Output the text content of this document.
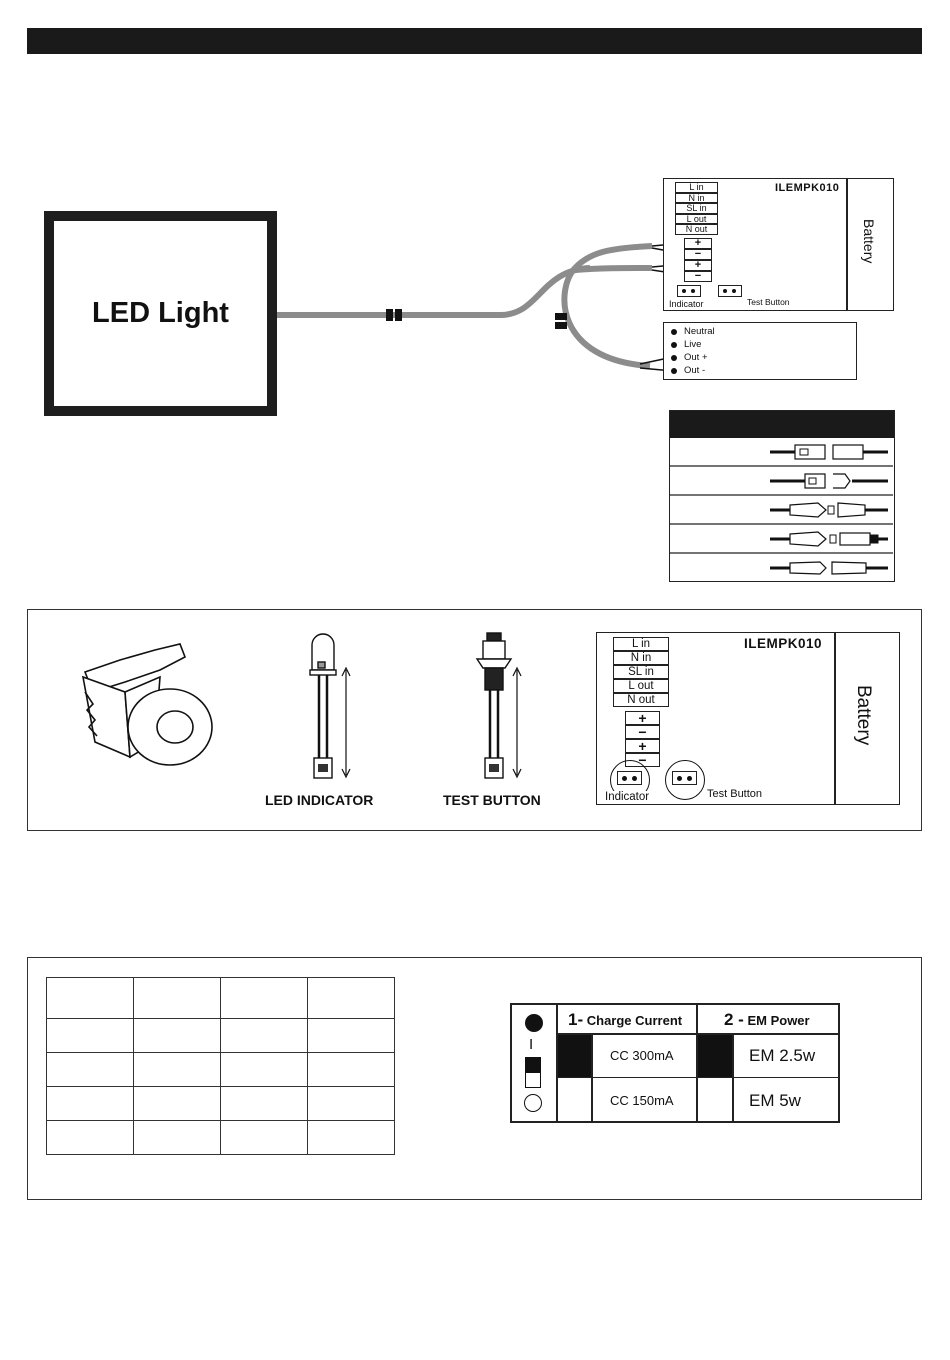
LED Light
ILEMPK010
L in
N in
SL in
L out
N out
+
−
+
−
Indicator	Test Button
Battery
Neutral
Live
Out +
Out -
LED INDICATOR	TEST BUTTON
ILEMPK010
L in
N in
SL in
L out
N out
+
−
+
−
Indicator	Test Button
Battery

I
1- Charge Current 2 - EM Power
CC 300mA	EM 2.5w
CC 150mA	EM 5w
